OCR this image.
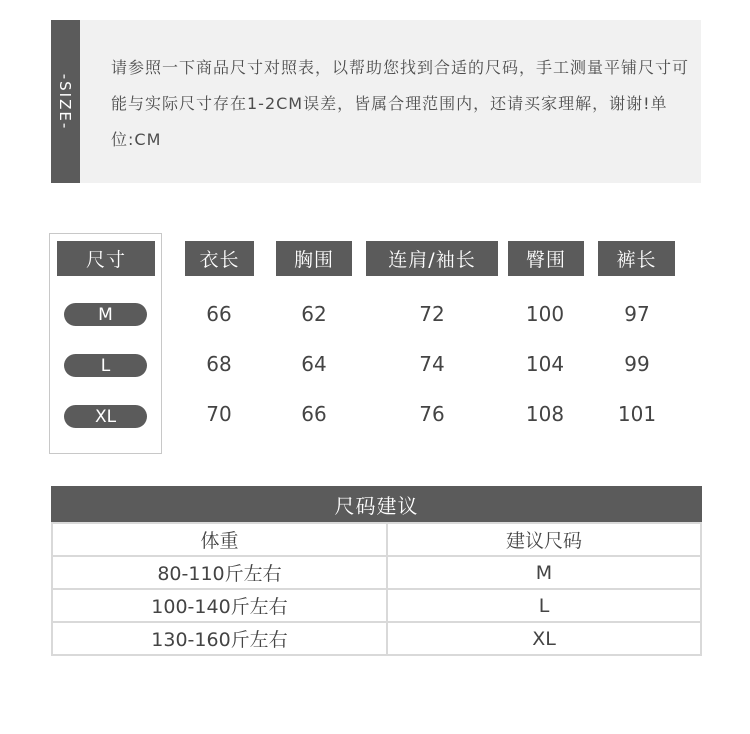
-SIZE-
请参照一下商品尺寸对照表，以帮助您找到合适的尺码，手工测量平铺尺寸可能与实际尺寸存在1-2CM误差，皆属合理范围内，还请买家理解，谢谢!单位:CM
尺寸	衣长	胸围	连肩/袖长	臀围	裤长
M	66	62	72	100	97
L	68	64	74	104	99
XL	70	66	76	108	101
尺码建议
体重	建议尺码
80-110斤左右	M
100-140斤左右	L
130-160斤左右	XL
